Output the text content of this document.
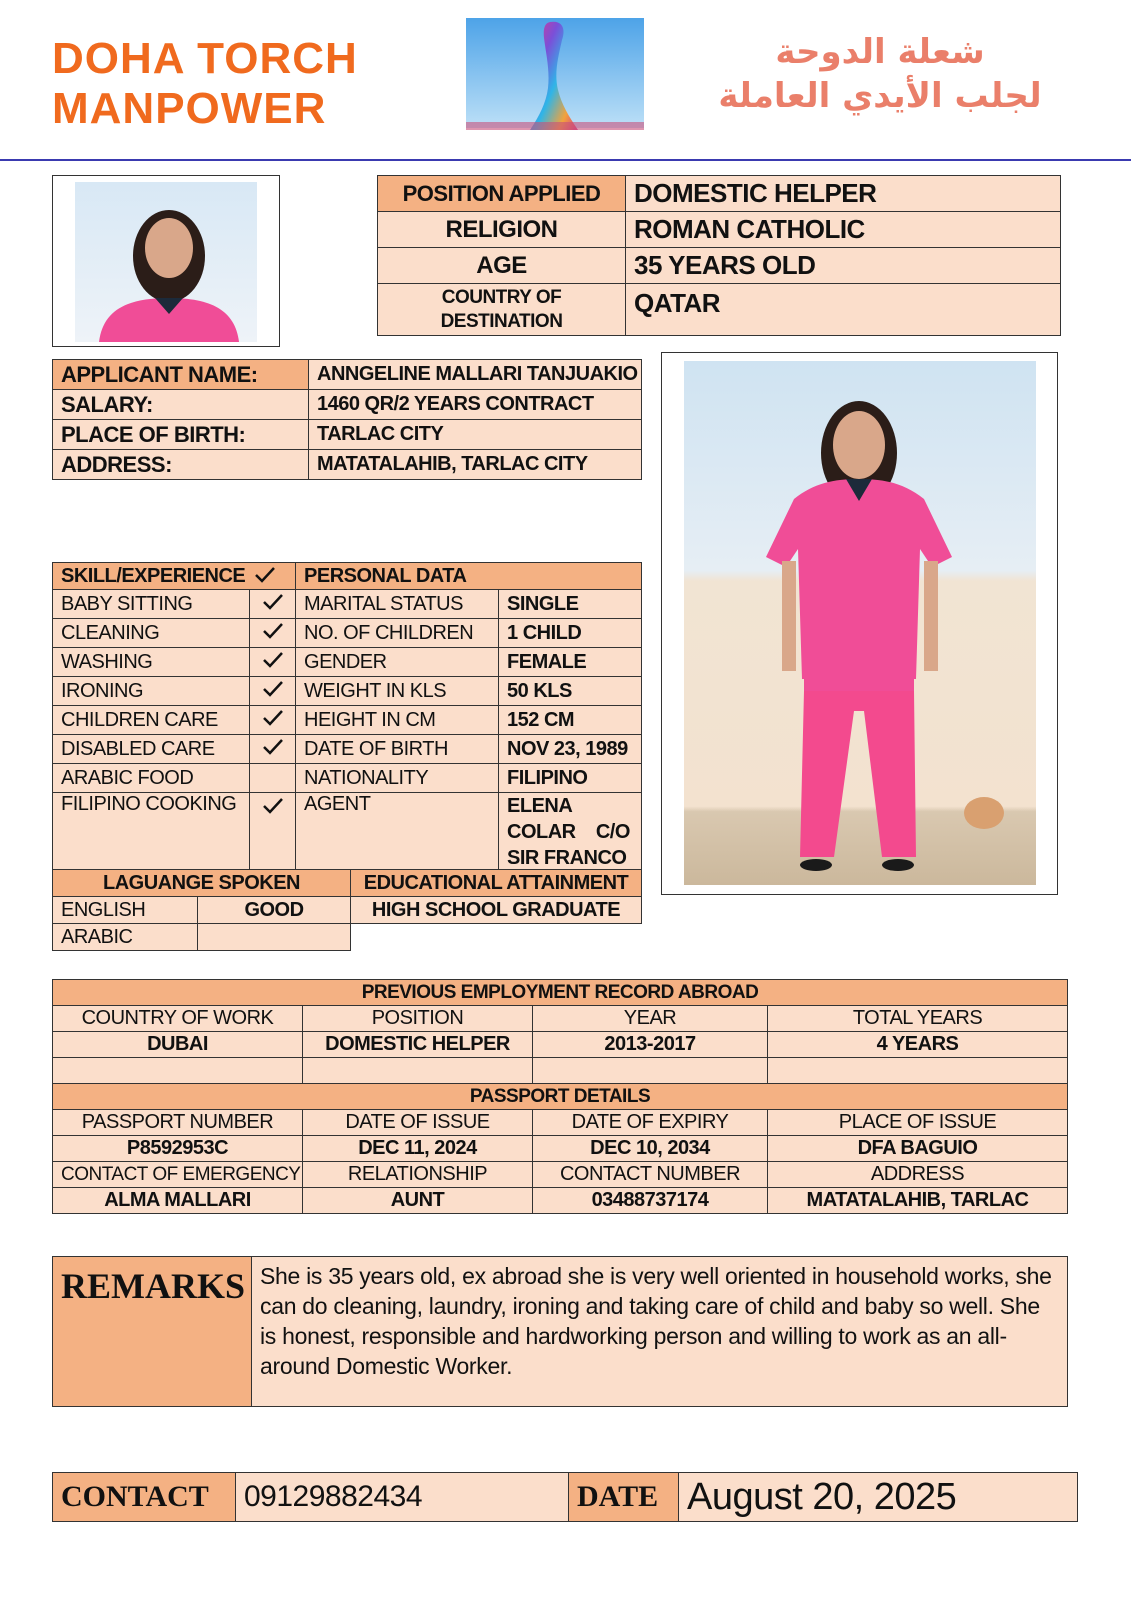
DOHA TORCH
MANPOWER
شعلة الدوحة
لجلب الأيدي العاملة
POSITION APPLIED	DOMESTIC HELPER
RELIGION	ROMAN CATHOLIC
AGE	35 YEARS OLD
COUNTRY OF DESTINATION	QATAR
APPLICANT NAME:	ANNGELINE MALLARI TANJUAKIO
SALARY:	1460 QR/2 YEARS CONTRACT
PLACE OF BIRTH:	TARLAC CITY
ADDRESS:	MATATALAHIB, TARLAC CITY
SKILL/EXPERIENCE		PERSONAL DATA	
BABY SITTING		MARITAL STATUS	SINGLE
CLEANING		NO. OF CHILDREN	1 CHILD
WASHING		GENDER	FEMALE
IRONING		WEIGHT IN KLS	50 KLS
CHILDREN CARE		HEIGHT IN CM	152 CM
DISABLED CARE		DATE OF BIRTH	NOV 23, 1989
ARABIC FOOD		NATIONALITY	FILIPINO
FILIPINO COOKING		AGENT	ELENA
COLAR    C/O
SIR FRANCO
LAGUANGE SPOKEN		EDUCATIONAL ATTAINMENT
ENGLISH	GOOD	HIGH SCHOOL GRADUATE
ARABIC		
PREVIOUS EMPLOYMENT RECORD ABROAD			
COUNTRY OF WORK	POSITION	YEAR	TOTAL YEARS
DUBAI	DOMESTIC HELPER	2013-2017	4 YEARS

PASSPORT DETAILS			
PASSPORT NUMBER	DATE OF ISSUE	DATE OF EXPIRY	PLACE OF ISSUE
P8592953C	DEC 11, 2024	DEC 10, 2034	DFA BAGUIO
CONTACT OF EMERGENCY	RELATIONSHIP	CONTACT NUMBER	ADDRESS
ALMA MALLARI	AUNT	03488737174	MATATALAHIB, TARLAC
REMARKS	She is 35 years old, ex abroad she is very well oriented in household works, she can do cleaning, laundry, ironing and taking care of child and baby so well. She is honest, responsible and hardworking person and willing to work as an all-around Domestic Worker.
CONTACT	09129882434	DATE	August 20, 2025
